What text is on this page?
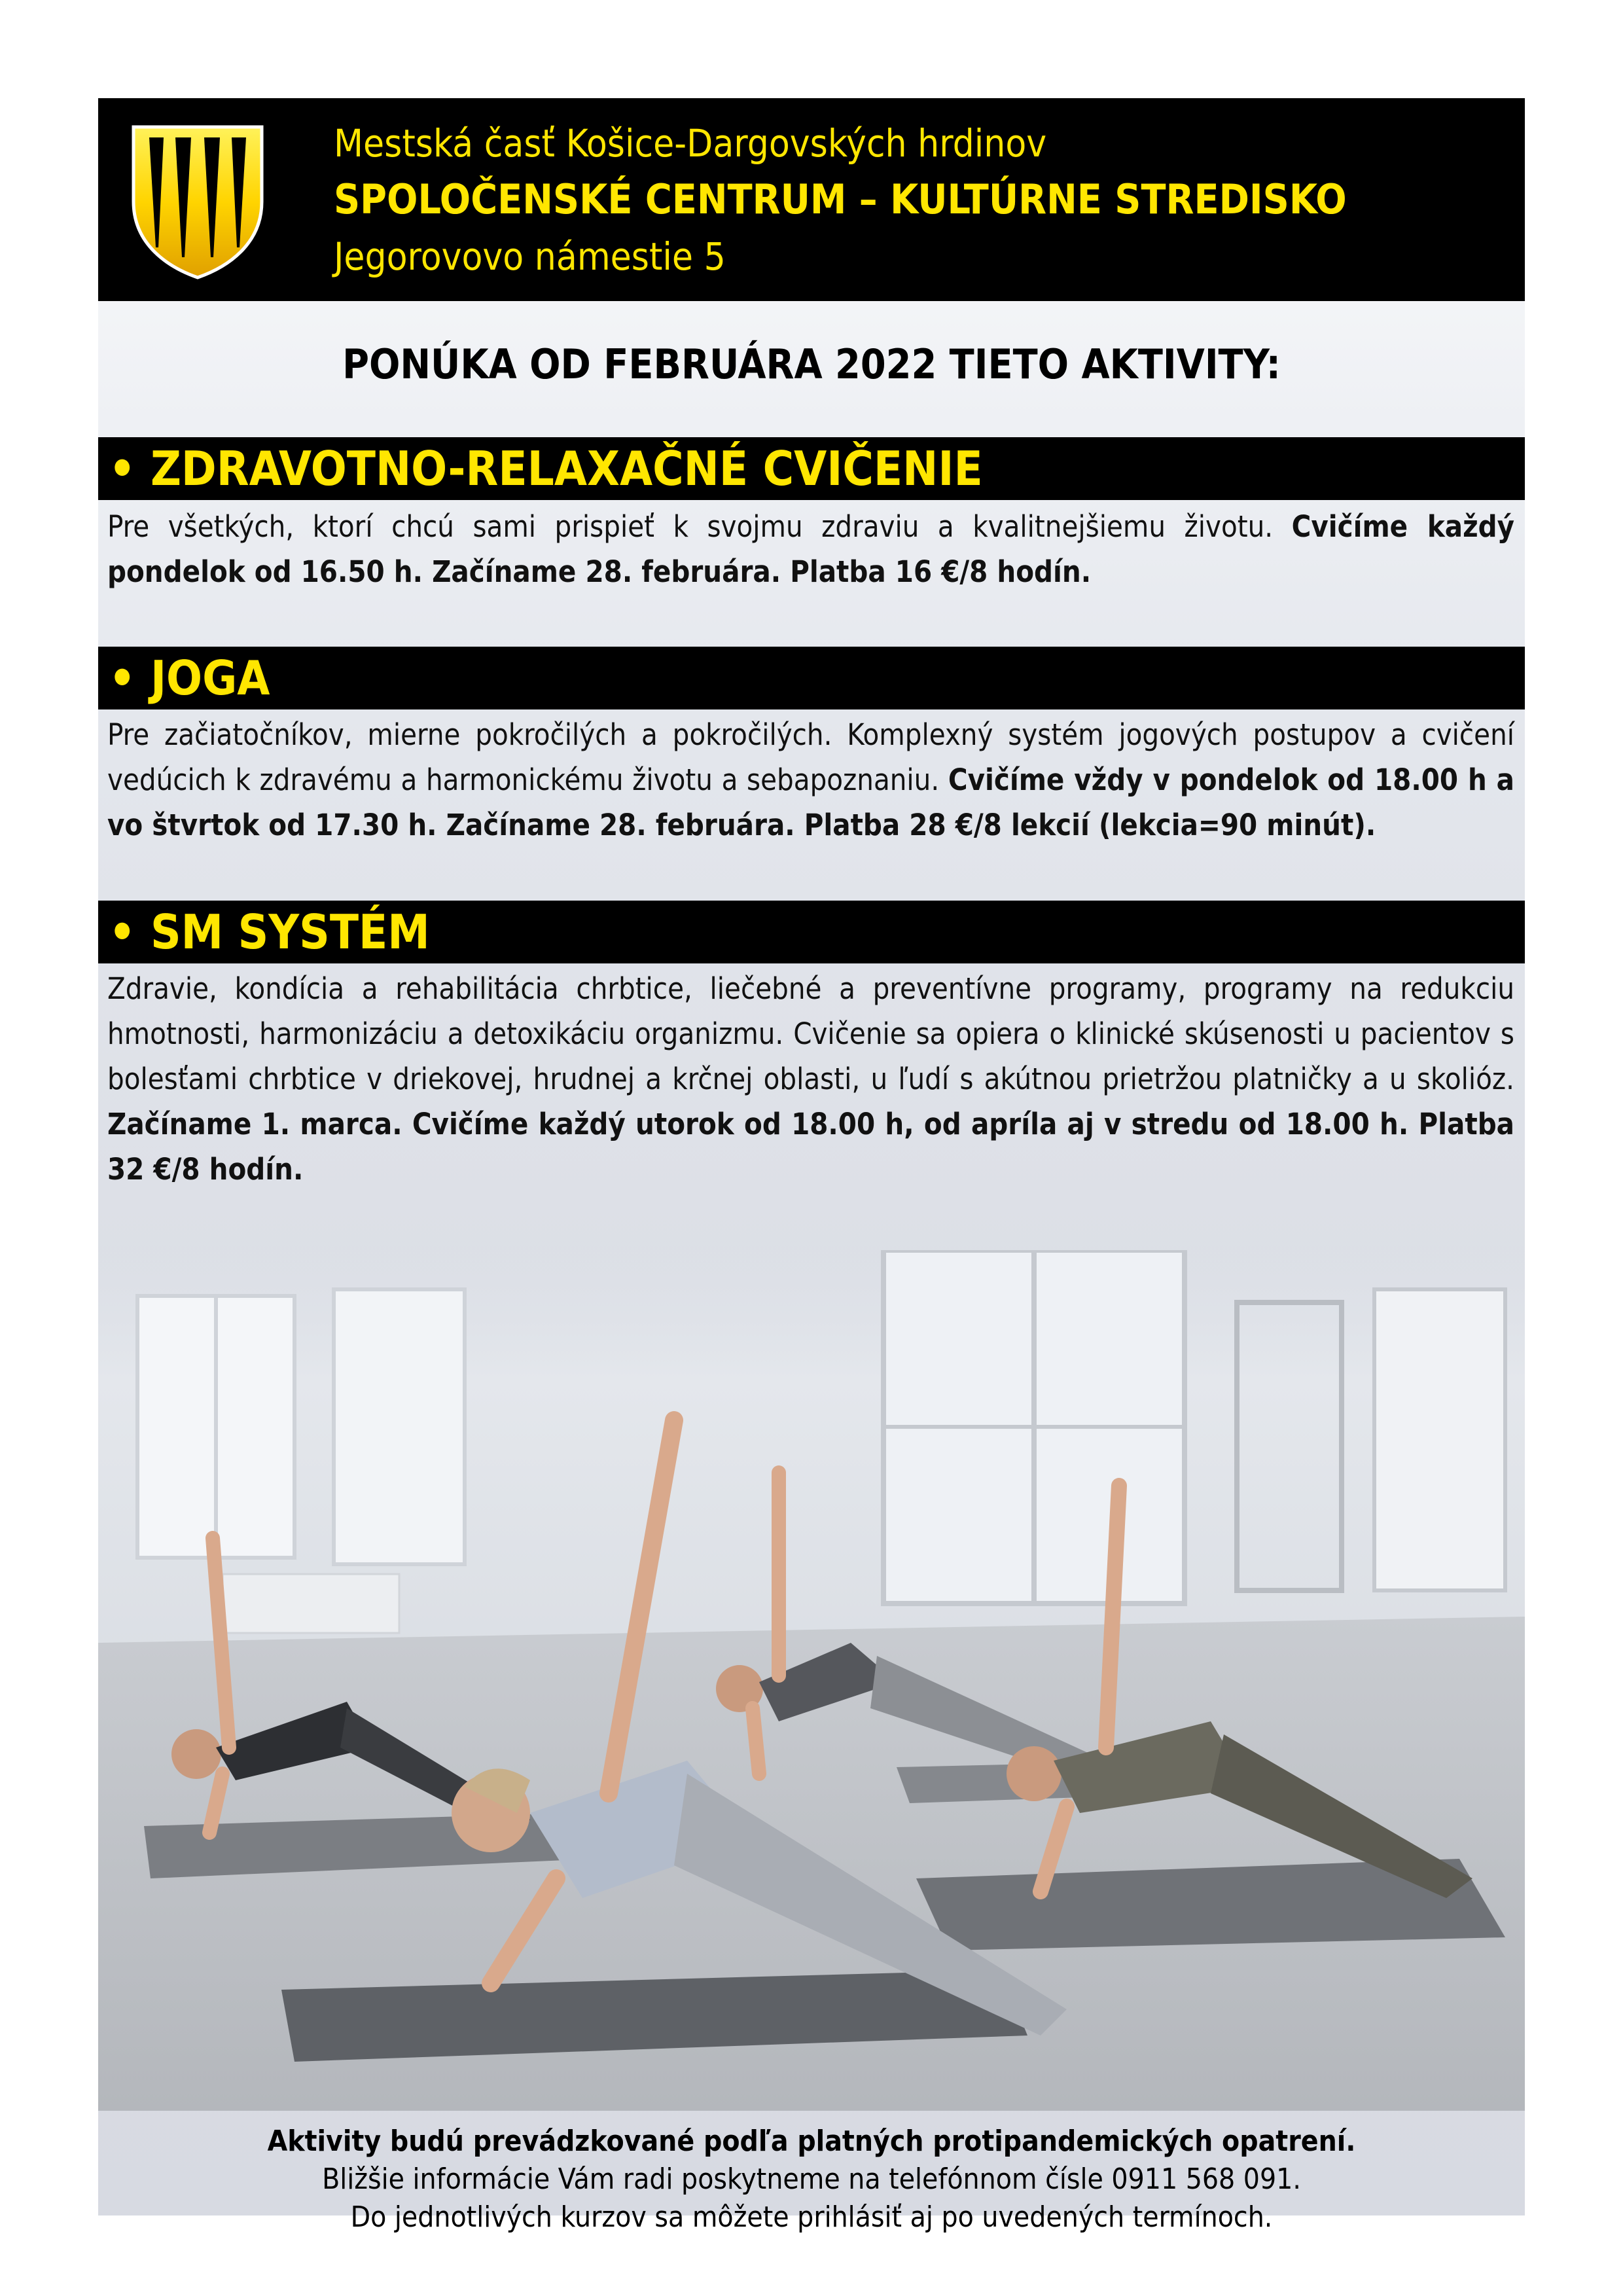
Mestská časť Košice-Dargovských hrdinov
SPOLOČENSKÉ CENTRUM – KULTÚRNE STREDISKO
Jegorovovo námestie 5
PONÚKA OD FEBRUÁRA 2022 TIETO AKTIVITY:
• ZDRAVOTNO-RELAXAČNÉ CVIČENIE
Pre všetkých, ktorí chcú sami prispieť k svojmu zdraviu a kvalitnejšiemu životu. Cvičíme každý pondelok od 16.50 h. Začíname 28. februára. Platba 16 €/8 hodín.
• JOGA
Pre začiatočníkov, mierne pokročilých a pokročilých. Komplexný systém jogových postupov a cvičení vedúcich k zdravému a harmonickému životu a sebapoznaniu. Cvičíme vždy v pondelok od 18.00 h a vo štvrtok od 17.30 h. Začíname 28. februára. Platba 28 €/8 lekcií (lekcia=90 minút).
• SM SYSTÉM
Zdravie, kondícia a rehabilitácia chrbtice, liečebné a preventívne programy, programy na redukciu hmotnosti, harmonizáciu a detoxikáciu organizmu. Cvičenie sa opiera o klinické skúsenosti u pacientov s bolesťami chrbtice v driekovej, hrudnej a krčnej oblasti, u ľudí s akútnou prietržou platničky a u skolióz. Začíname 1. marca. Cvičíme každý utorok od 18.00 h, od apríla aj v stredu od 18.00 h. Platba 32 €/8 hodín.
Aktivity budú prevádzkované podľa platných protipandemických opatrení.
Bližšie informácie Vám radi poskytneme na telefónnom čísle 0911 568 091.
Do jednotlivých kurzov sa môžete prihlásiť aj po uvedených termínoch.
